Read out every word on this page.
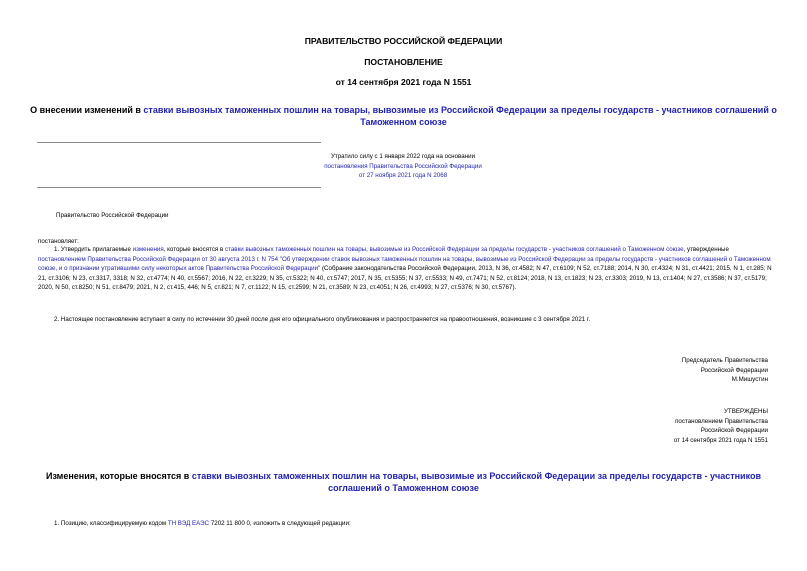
ПРАВИТЕЛЬСТВО РОССИЙСКОЙ ФЕДЕРАЦИИ
ПОСТАНОВЛЕНИЕ
от 14 сентября 2021 года N 1551
О внесении изменений в ставки вывозных таможенных пошлин на товары, вывозимые из Российской Федерации за пределы государств - участников соглашений о Таможенном союзе
Утратило силу с 1 января 2022 года на основании
постановления Правительства Российской Федерации
от 27 ноября 2021 года N 2068
Правительство Российской Федерации
постановляет:
1. Утвердить прилагаемые изменения, которые вносятся в ставки вывозных таможенных пошлин на товары, вывозимые из Российской Федерации за пределы государств - участников соглашений о Таможенном союзе, утвержденные постановлением Правительства Российской Федерации от 30 августа 2013 г. N 754 "Об утверждении ставок вывозных таможенных пошлин на товары, вывозимые из Российской Федерации за пределы государств - участников соглашений о Таможенном союзе, и о признании утратившими силу некоторых актов Правительства Российской Федерации" (Собрание законодательства Российской Федерации, 2013, N 36, ст.4582; N 47, ст.6109; N 52, ст.7188; 2014, N 30, ст.4324; N 31, ст.4421; 2015, N 1, ст.285; N 21, ст.3106; N 23, ст.3317, 3318; N 32, ст.4774; N 40, ст.5567; 2016, N 22, ст.3229; N 35, ст.5322; N 40, ст.5747; 2017, N 35, ст.5355; N 37, ст.5533; N 49, ст.7471; N 52, ст.8124; 2018, N 13, ст.1823; N 23, ст.3303; 2019, N 13, ст.1404; N 27, ст.3586; N 37, ст.5179; 2020, N 50, ст.8250; N 51, ст.8479; 2021, N 2, ст.415, 446; N 5, ст.821; N 7, ст.1122; N 15, ст.2599; N 21, ст.3589; N 23, ст.4051; N 26, ст.4993; N 27, ст.5376; N 30, ст.5767).
2. Настоящее постановление вступает в силу по истечении 30 дней после дня его официального опубликования и распространяется на правоотношения, возникшие с 3 сентября 2021 г.
Председатель Правительства
Российской Федерации
М.Мишустин
УТВЕРЖДЕНЫ
постановлением Правительства
Российской Федерации
от 14 сентября 2021 года N 1551
Изменения, которые вносятся в ставки вывозных таможенных пошлин на товары, вывозимые из Российской Федерации за пределы государств - участников соглашений о Таможенном союзе
1. Позицию, классифицируемую кодом ТН ВЭД ЕАЭС 7202 11 800 0, изложить в следующей редакции:
